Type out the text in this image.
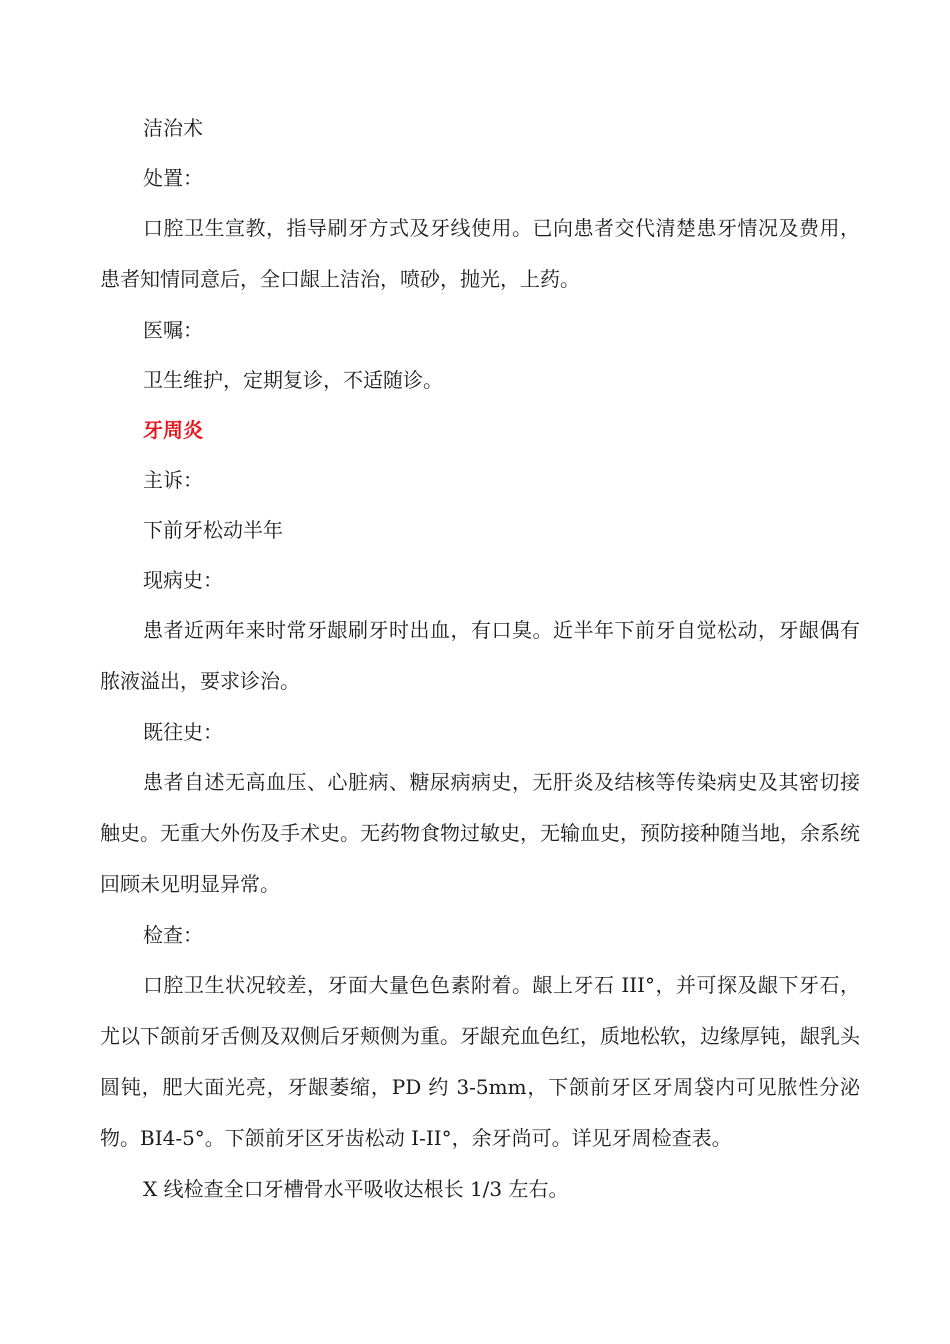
洁治术
处置：

口腔卫生宣教，指导刷牙方式及牙线使用。已向患者交代清楚患牙情况及费用，患者知情同意后，全口龈上洁治，喷砂，抛光，上药。

医嘱：
卫生维护，定期复诊，不适随诊。
牙周炎
主诉：
下前牙松动半年
现病史：

患者近两年来时常牙龈刷牙时出血，有口臭。近半年下前牙自觉松动，牙龈偶有脓液溢出，要求诊治。

既往史：

患者自述无高血压、心脏病、糖尿病病史，无肝炎及结核等传染病史及其密切接触史。无重大外伤及手术史。无药物食物过敏史，无输血史，预防接种随当地，余系统回顾未见明显异常。

检查：

口腔卫生状况较差，牙面大量色色素附着。龈上牙石 III°，并可探及龈下牙石，尤以下颌前牙舌侧及双侧后牙颊侧为重。牙龈充血色红，质地松软，边缘厚钝，龈乳头圆钝，肥大面光亮，牙龈萎缩，PD 约 3-5mm，下颌前牙区牙周袋内可见脓性分泌物。BI4-5°。下颌前牙区牙齿松动 I-II°，余牙尚可。详见牙周检查表。

X 线检查全口牙槽骨水平吸收达根长 1/3 左右。
